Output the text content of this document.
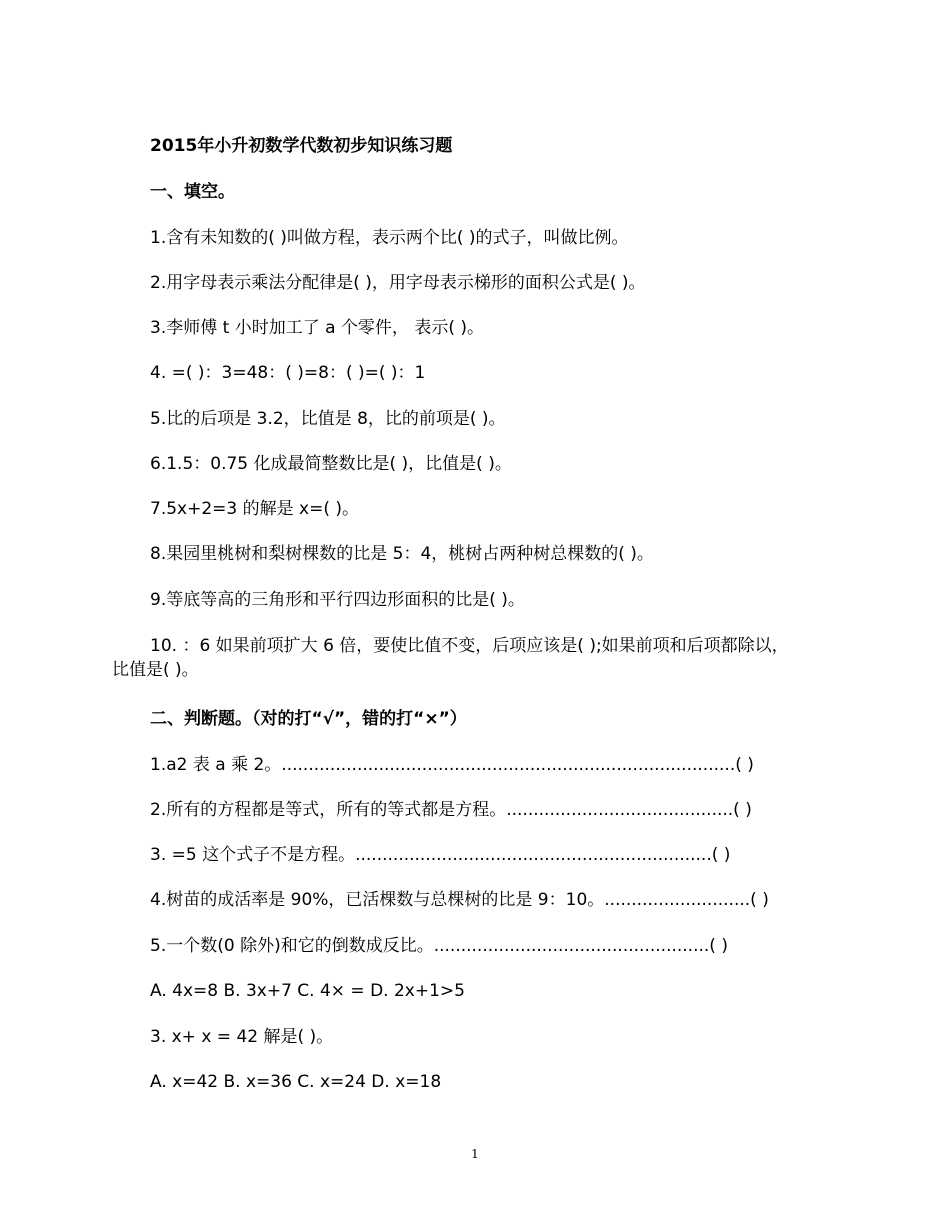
2015年小升初数学代数初步知识练习题
一、填空。
1.含有未知数的( )叫做方程，表示两个比( )的式子，叫做比例。
2.用字母表示乘法分配律是( )，用字母表示梯形的面积公式是( )。
3.李师傅 t 小时加工了 a 个零件， 表示( )。
4. =( )：3=48：( )=8：( )=( )：1
5.比的后项是 3.2，比值是 8，比的前项是( )。
6.1.5：0.75 化成最简整数比是( )，比值是( )。
7.5x+2=3 的解是 x=( )。
8.果园里桃树和梨树棵数的比是 5：4，桃树占两种树总棵数的( )。
9.等底等高的三角形和平行四边形面积的比是( )。
10. ：6 如果前项扩大 6 倍，要使比值不变，后项应该是( );如果前项和后项都除以，
比值是( )。
二、判断题。（对的打“√”，错的打“×”）
1.a2 表 a 乘 2。....................................................................................( )
2.所有的方程都是等式，所有的等式都是方程。..........................................( )
3. =5 这个式子不是方程。..................................................................( )
4.树苗的成活率是 90%，已活棵数与总棵树的比是 9：10。...........................( )
5.一个数(0 除外)和它的倒数成反比。...................................................( )
A. 4x=8 B. 3x+7 C. 4× = D. 2x+1>5
3. x+ x = 42 解是( )。
A. x=42 B. x=36 C. x=24 D. x=18
1
